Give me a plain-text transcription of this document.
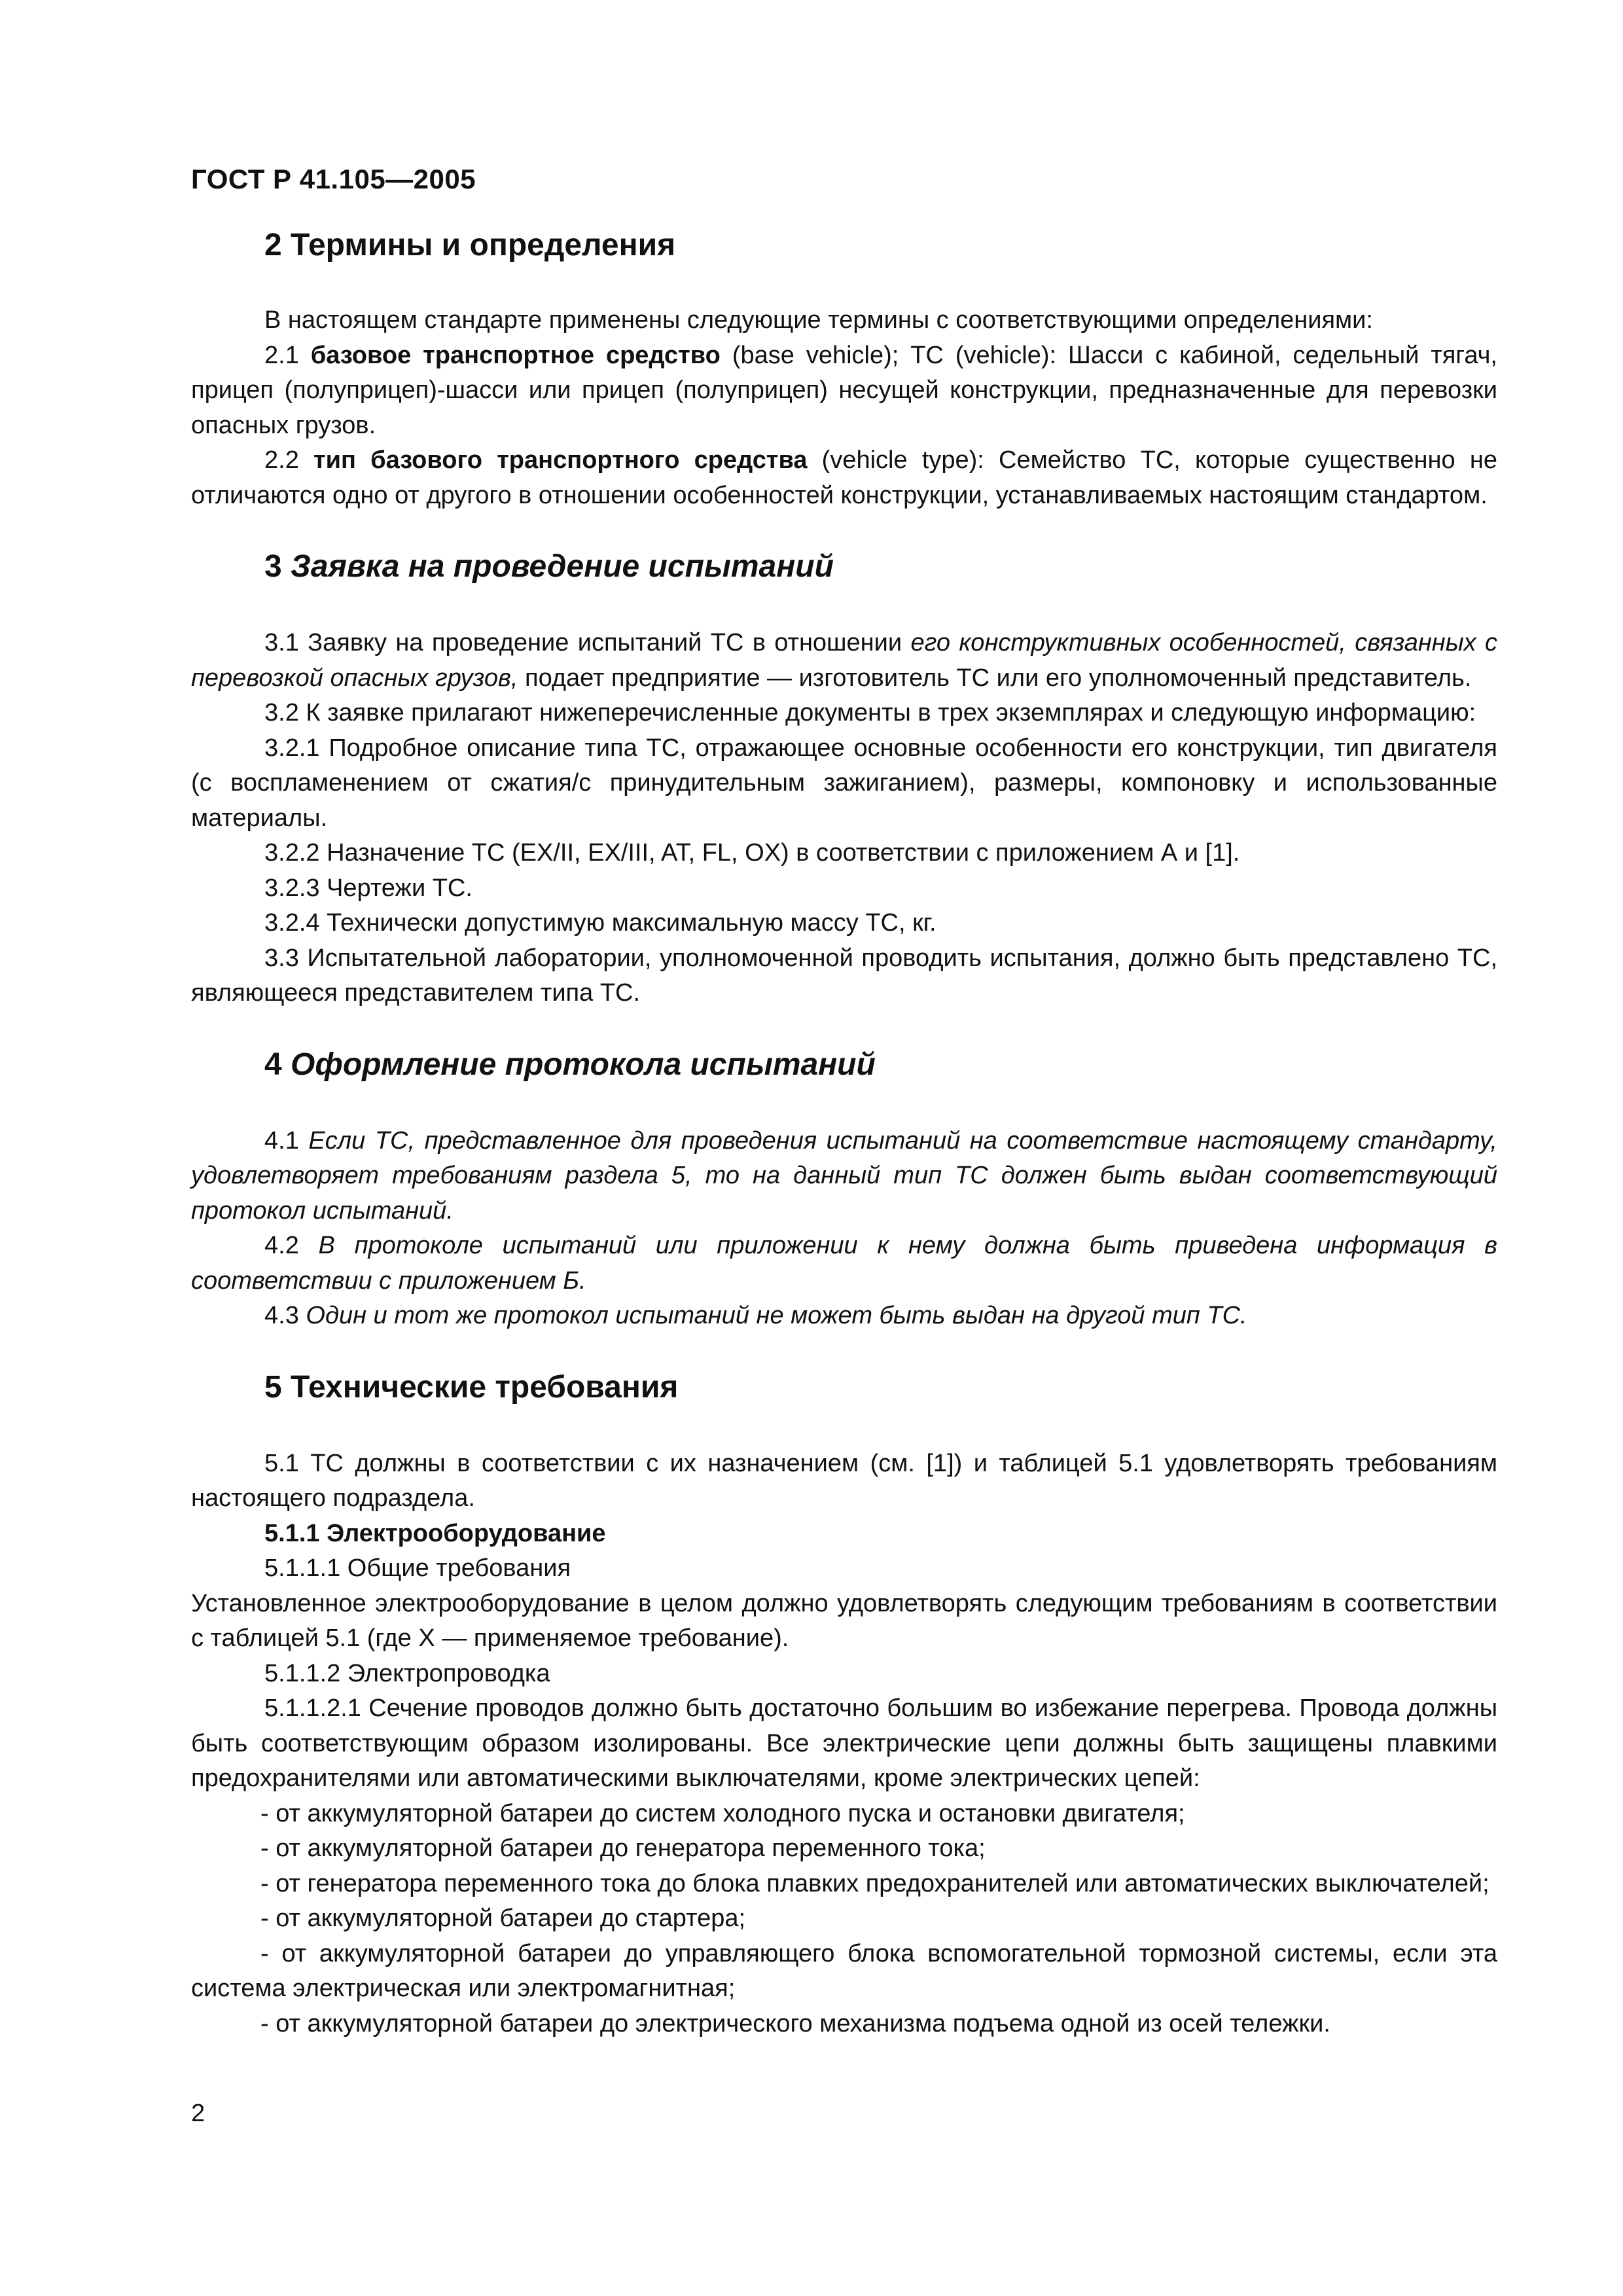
ГОСТ Р 41.105—2005
2 Термины и определения

В настоящем стандарте применены следующие термины с соответствующими определениями:

2.1 базовое транспортное средство (base vehicle); ТС (vehicle): Шасси с кабиной, седельный тягач, прицеп (полуприцеп)-шасси или прицеп (полуприцеп) несущей конструкции, предназначенные для перевозки опасных грузов.

2.2 тип базового транспортного средства (vehicle type): Семейство ТС, которые существенно не отличаются одно от другого в отношении особенностей конструкции, устанавливаемых настоящим стандартом.

3 Заявка на проведение испытаний

3.1 Заявку на проведение испытаний ТС в отношении его конструктивных особенностей, связанных с перевозкой опасных грузов, подает предприятие — изготовитель ТС или его уполномоченный представитель.

3.2 К заявке прилагают нижеперечисленные документы в трех экземплярах и следующую информацию:

3.2.1 Подробное описание типа ТС, отражающее основные особенности его конструкции, тип двигателя (с воспламенением от сжатия/с принудительным зажиганием), размеры, компоновку и использованные материалы.

3.2.2 Назначение ТС (EX/II, EX/III, AT, FL, OX) в соответствии с приложением А и [1].

3.2.3 Чертежи ТС.

3.2.4 Технически допустимую максимальную массу ТС, кг.

3.3 Испытательной лаборатории, уполномоченной проводить испытания, должно быть представлено ТС, являющееся представителем типа ТС.

4 Оформление протокола испытаний

4.1 Если ТС, представленное для проведения испытаний на соответствие настоящему стандарту, удовлетворяет требованиям раздела 5, то на данный тип ТС должен быть выдан соответствующий протокол испытаний.

4.2 В протоколе испытаний или приложении к нему должна быть приведена информация в соответствии с приложением Б.

4.3 Один и тот же протокол испытаний не может быть выдан на другой тип ТС.

5 Технические требования

5.1 ТС должны в соответствии с их назначением (см. [1]) и таблицей 5.1 удовлетворять требованиям настоящего подраздела.

5.1.1 Электрооборудование

5.1.1.1 Общие требования

Установленное электрооборудование в целом должно удовлетворять следующим требованиям в соответствии с таблицей 5.1 (где X — применяемое требование).

5.1.1.2 Электропроводка

5.1.1.2.1 Сечение проводов должно быть достаточно большим во избежание перегрева. Провода должны быть соответствующим образом изолированы. Все электрические цепи должны быть защищены плавкими предохранителями или автоматическими выключателями, кроме электрических цепей:

- от аккумуляторной батареи до систем холодного пуска и остановки двигателя;

- от аккумуляторной батареи до генератора переменного тока;

- от генератора переменного тока до блока плавких предохранителей или автоматических выключателей;

- от аккумуляторной батареи до стартера;

- от аккумуляторной батареи до управляющего блока вспомогательной тормозной системы, если эта система электрическая или электромагнитная;

- от аккумуляторной батареи до электрического механизма подъема одной из осей тележки.

2
